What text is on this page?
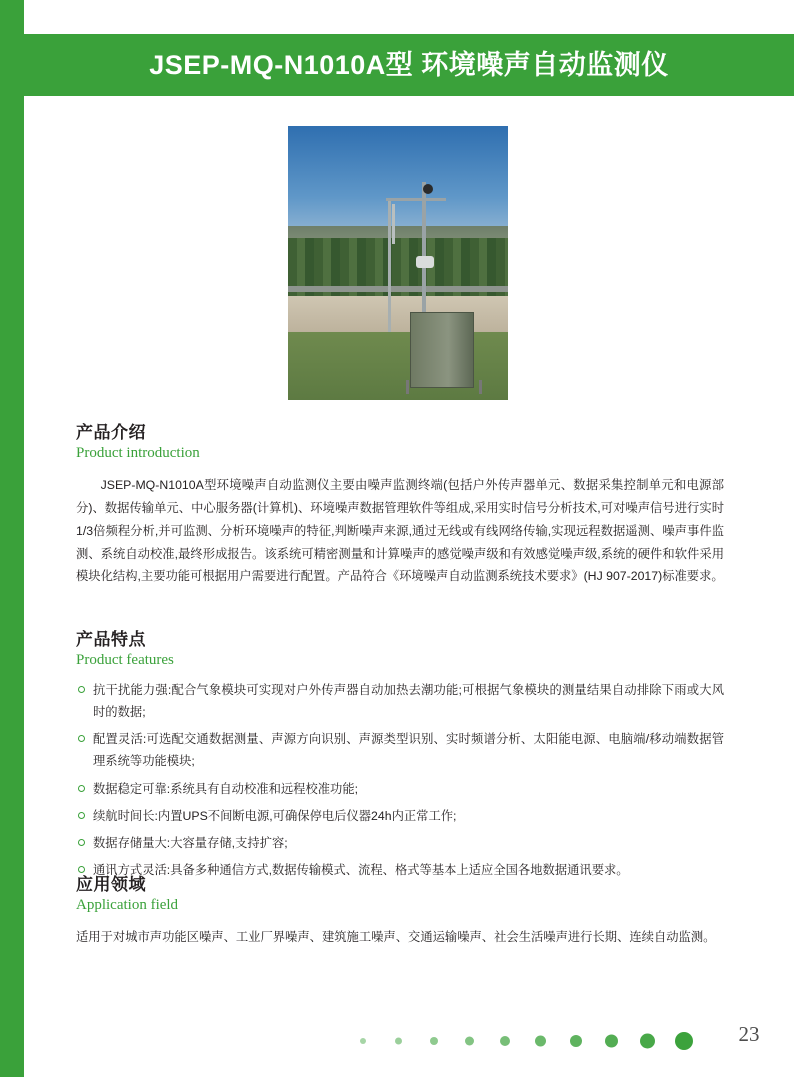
JSEP-MQ-N1010A型 环境噪声自动监测仪
产品介绍
Product introduction

JSEP-MQ-N1010A型环境噪声自动监测仪主要由噪声监测终端(包括户外传声器单元、数据采集控制单元和电源部分)、数据传输单元、中心服务器(计算机)、环境噪声数据管理软件等组成,采用实时信号分析技术,可对噪声信号进行实时1/3倍频程分析,并可监测、分析环境噪声的特征,判断噪声来源,通过无线或有线网络传输,实现远程数据遥测、噪声事件监测、系统自动校准,最终形成报告。该系统可精密测量和计算噪声的感觉噪声级和有效感觉噪声级,系统的硬件和软件采用模块化结构,主要功能可根据用户需要进行配置。产品符合《环境噪声自动监测系统技术要求》(HJ 907-2017)标准要求。

产品特点
Product features
抗干扰能力强:配合气象模块可实现对户外传声器自动加热去潮功能;可根据气象模块的测量结果自动排除下雨或大风时的数据;
配置灵活:可选配交通数据测量、声源方向识别、声源类型识别、实时频谱分析、太阳能电源、电脑端/移动端数据管理系统等功能模块;
数据稳定可靠:系统具有自动校准和远程校准功能;
续航时间长:内置UPS不间断电源,可确保停电后仪器24h内正常工作;
数据存储量大:大容量存储,支持扩容;
通讯方式灵活:具备多种通信方式,数据传输模式、流程、格式等基本上适应全国各地数据通讯要求。
应用领域
Application field

适用于对城市声功能区噪声、工业厂界噪声、建筑施工噪声、交通运输噪声、社会生活噪声进行长期、连续自动监测。

23
